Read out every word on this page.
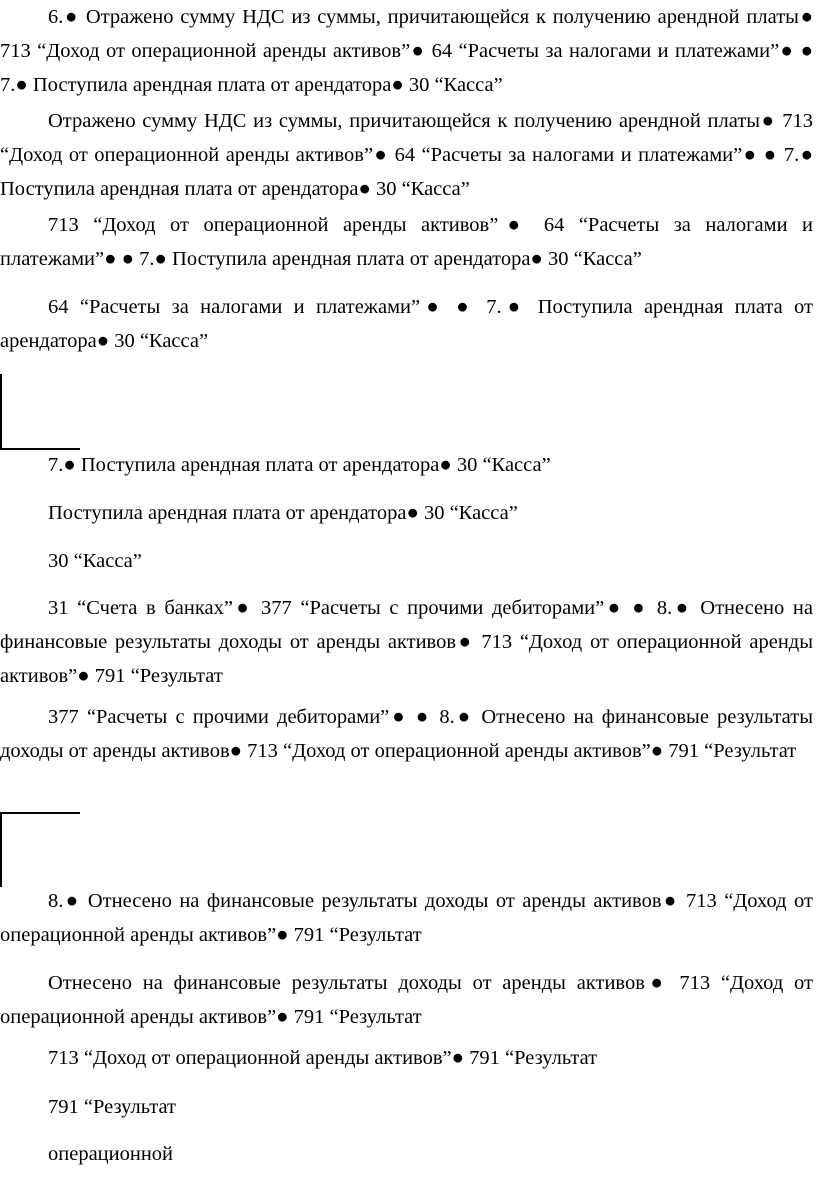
6.● Отражено сумму НДС из суммы, причитающейся к получению арендной платы● 713 “Доход от операционной аренды активов”● 64 “Расчеты за налогами и платежами”● ● 7.● Поступила арендная плата от арендатора● 30 “Касса”

Отражено сумму НДС из суммы, причитающейся к получению арендной платы● 713 “Доход от операционной аренды активов”● 64 “Расчеты за налогами и платежами”● ● 7.● Поступила арендная плата от арендатора● 30 “Касса”

713 “Доход от операционной аренды активов”● 64 “Расчеты за налогами и платежами”● ● 7.● Поступила арендная плата от арендатора● 30 “Касса”

64 “Расчеты за налогами и платежами”● ● 7.● Поступила арендная плата от арендатора● 30 “Касса”

7.● Поступила арендная плата от арендатора● 30 “Касса”

Поступила арендная плата от арендатора● 30 “Касса”

30 “Касса”

31 “Счета в банках”● 377 “Расчеты с прочими дебиторами”● ● 8.● Отнесено на финансовые результаты доходы от аренды активов● 713 “Доход от операционной аренды активов”● 791 “Результат

377 “Расчеты с прочими дебиторами”● ● 8.● Отнесено на финансовые результаты доходы от аренды активов● 713 “Доход от операционной аренды активов”● 791 “Результат

8.● Отнесено на финансовые результаты доходы от аренды активов● 713 “Доход от операционной аренды активов”● 791 “Результат

Отнесено на финансовые результаты доходы от аренды активов● 713 “Доход от операционной аренды активов”● 791 “Результат

713 “Доход от операционной аренды активов”● 791 “Результат

791 “Результат

операционной
